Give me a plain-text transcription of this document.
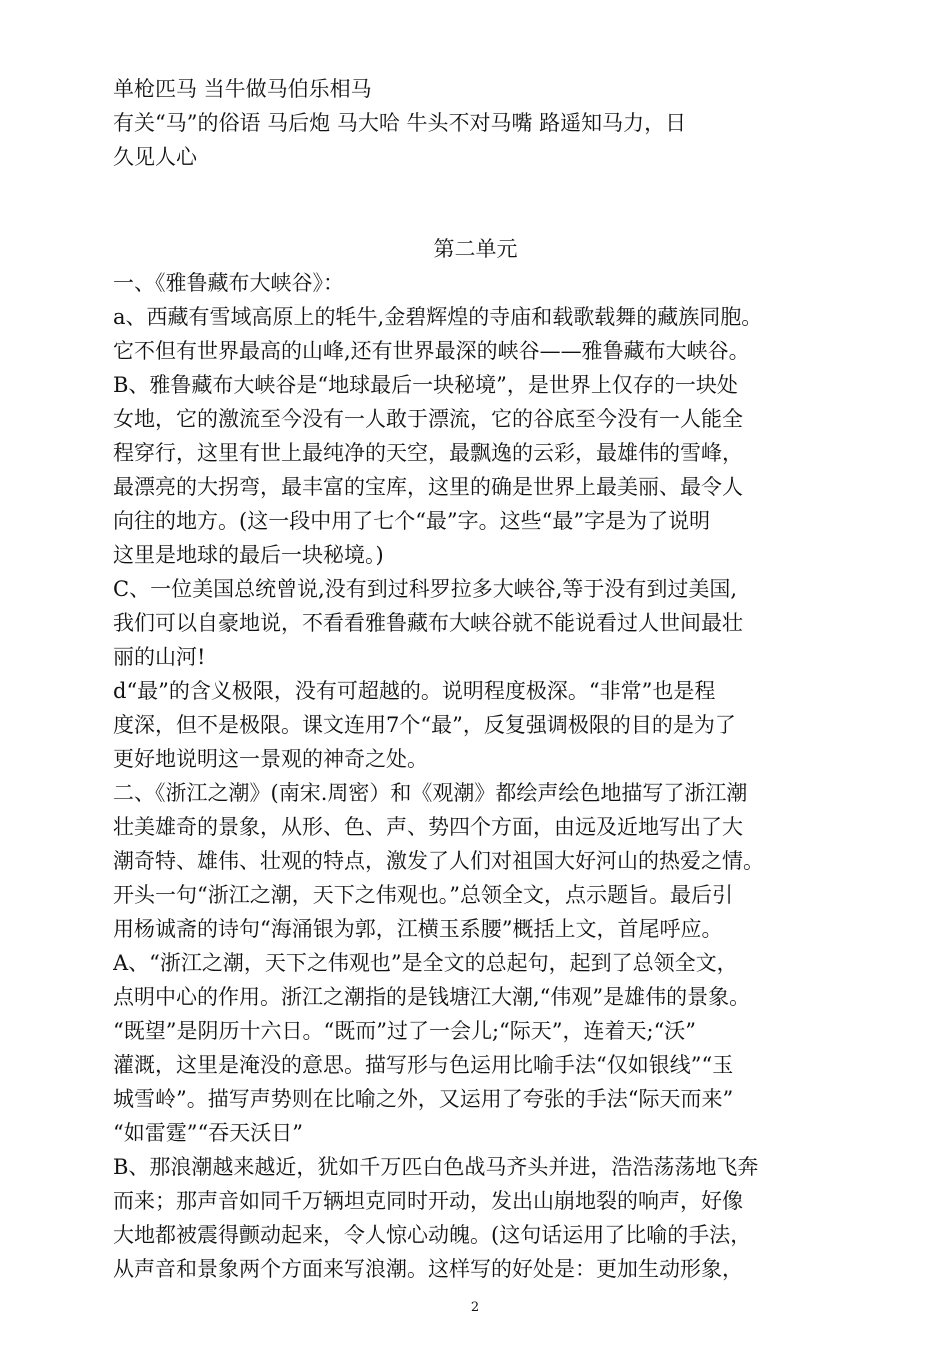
单枪匹马 当牛做马伯乐相马

有关“马”的俗语 马后炮 马大哈 牛头不对马嘴 路遥知马力，日

久见人心

第二单元

一、《雅鲁藏布大峡谷》：

a、西藏有雪域高原上的牦牛,金碧辉煌的寺庙和载歌载舞的藏族同胞。

它不但有世界最高的山峰,还有世界最深的峡谷——雅鲁藏布大峡谷。

B、雅鲁藏布大峡谷是“地球最后一块秘境”，是世界上仅存的一块处

女地，它的激流至今没有一人敢于漂流，它的谷底至今没有一人能全

程穿行，这里有世上最纯净的天空，最飘逸的云彩，最雄伟的雪峰，

最漂亮的大拐弯，最丰富的宝库，这里的确是世界上最美丽、最令人

向往的地方。(这一段中用了七个“最”字。这些“最”字是为了说明

这里是地球的最后一块秘境。)

C、一位美国总统曾说,没有到过科罗拉多大峡谷,等于没有到过美国,

我们可以自豪地说，不看看雅鲁藏布大峡谷就不能说看过人世间最壮

丽的山河!

d“最”的含义极限，没有可超越的。说明程度极深。“非常”也是程

度深，但不是极限。课文连用7个“最”，反复强调极限的目的是为了

更好地说明这一景观的神奇之处。

二、《浙江之潮》(南宋.周密）和《观潮》都绘声绘色地描写了浙江潮

壮美雄奇的景象，从形、色、声、势四个方面，由远及近地写出了大

潮奇特、雄伟、壮观的特点，激发了人们对祖国大好河山的热爱之情。

开头一句“浙江之潮，天下之伟观也。”总领全文，点示题旨。最后引

用杨诚斋的诗句“海涌银为郭，江横玉系腰”概括上文，首尾呼应。

A、“浙江之潮，天下之伟观也”是全文的总起句，起到了总领全文，

点明中心的作用。浙江之潮指的是钱塘江大潮,“伟观”是雄伟的景象。

“既望”是阴历十六日。“既而”过了一会儿;“际天”，连着天;“沃”

灌溉，这里是淹没的意思。描写形与色运用比喻手法“仅如银线”“玉

城雪岭”。描写声势则在比喻之外，又运用了夸张的手法“际天而来”

“如雷霆”“吞天沃日”

B、那浪潮越来越近，犹如千万匹白色战马齐头并进，浩浩荡荡地飞奔

而来；那声音如同千万辆坦克同时开动，发出山崩地裂的响声，好像

大地都被震得颤动起来，令人惊心动魄。(这句话运用了比喻的手法，

从声音和景象两个方面来写浪潮。这样写的好处是：更加生动形象，

2
